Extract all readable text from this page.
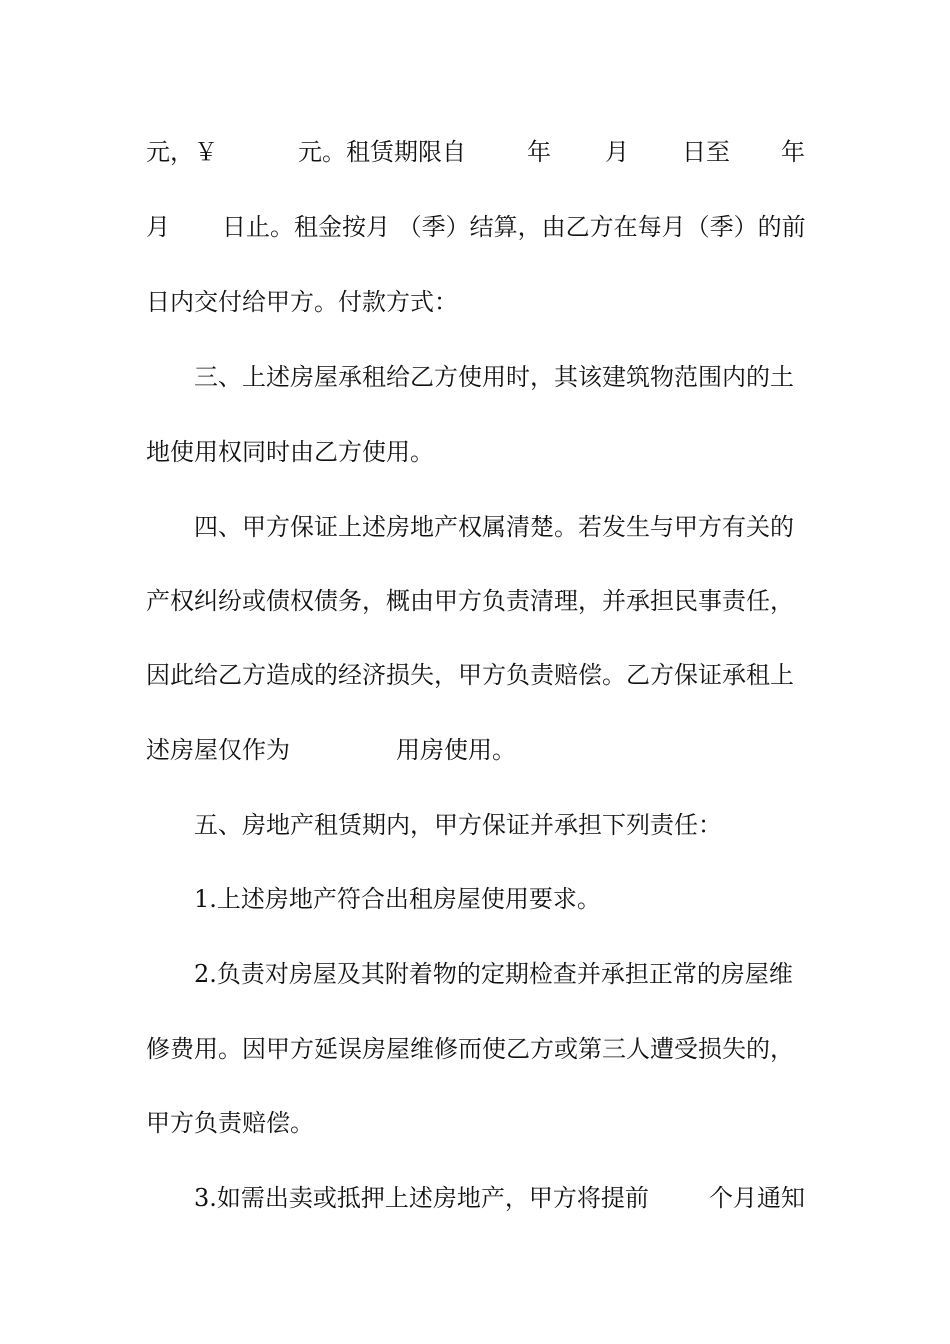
元，￥	元。租赁期限自	年 月 日至 年
月 日止。租金按月 （季）结算，由乙方在每月（季）的前
日内交付给甲方。付款方式：
三、上述房屋承租给乙方使用时，其该建筑物范围内的土
地使用权同时由乙方使用。
四、甲方保证上述房地产权属清楚。若发生与甲方有关的
产权纠纷或债权债务，概由甲方负责清理，并承担民事责任，
因此给乙方造成的经济损失，甲方负责赔偿。乙方保证承租上
述房屋仅作为	用房使用。
五、房地产租赁期内，甲方保证并承担下列责任：
1.上述房地产符合出租房屋使用要求。
2.负责对房屋及其附着物的定期检查并承担正常的房屋维
修费用。因甲方延误房屋维修而使乙方或第三人遭受损失的，
甲方负责赔偿。
3.如需出卖或抵押上述房地产，甲方将提前	个月通知
